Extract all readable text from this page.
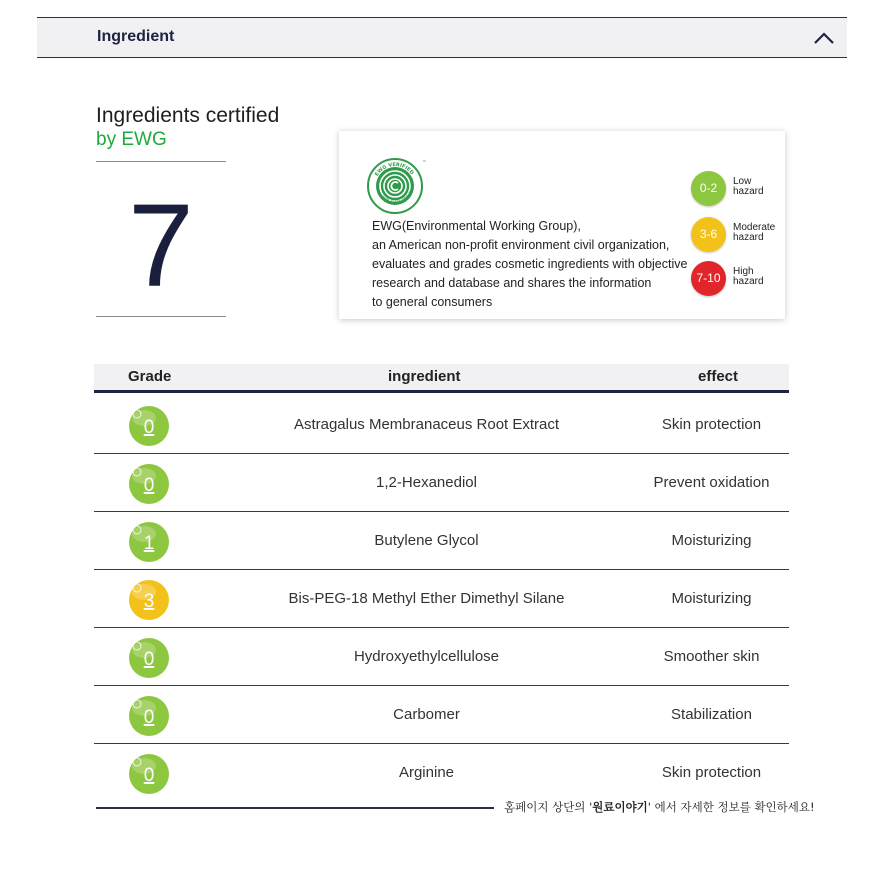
Ingredient
Ingredients certified
by EWG
7
EWG VERIFIED
FOR YOUR HEALTH
™
EWG(Environmental Working Group),
an American non-profit environment civil organization,
evaluates and grades cosmetic ingredients with objective
research and database and shares the information
to general consumers
0-2	Low
hazard
3-6	Moderate
hazard
7-10	High
hazard
Grade	ingredient	effect
0	Astragalus Membranaceus Root Extract	Skin protection
0	1,2-Hexanediol	Prevent oxidation
1	Butylene Glycol	Moisturizing
3	Bis-PEG-18 Methyl Ether Dimethyl Silane	Moisturizing
0	Hydroxyethylcellulose	Smoother skin
0	Carbomer	Stabilization
0	Arginine	Skin protection
홈페이지 상단의 '원료이야기' 에서 자세한 정보를 확인하세요!
